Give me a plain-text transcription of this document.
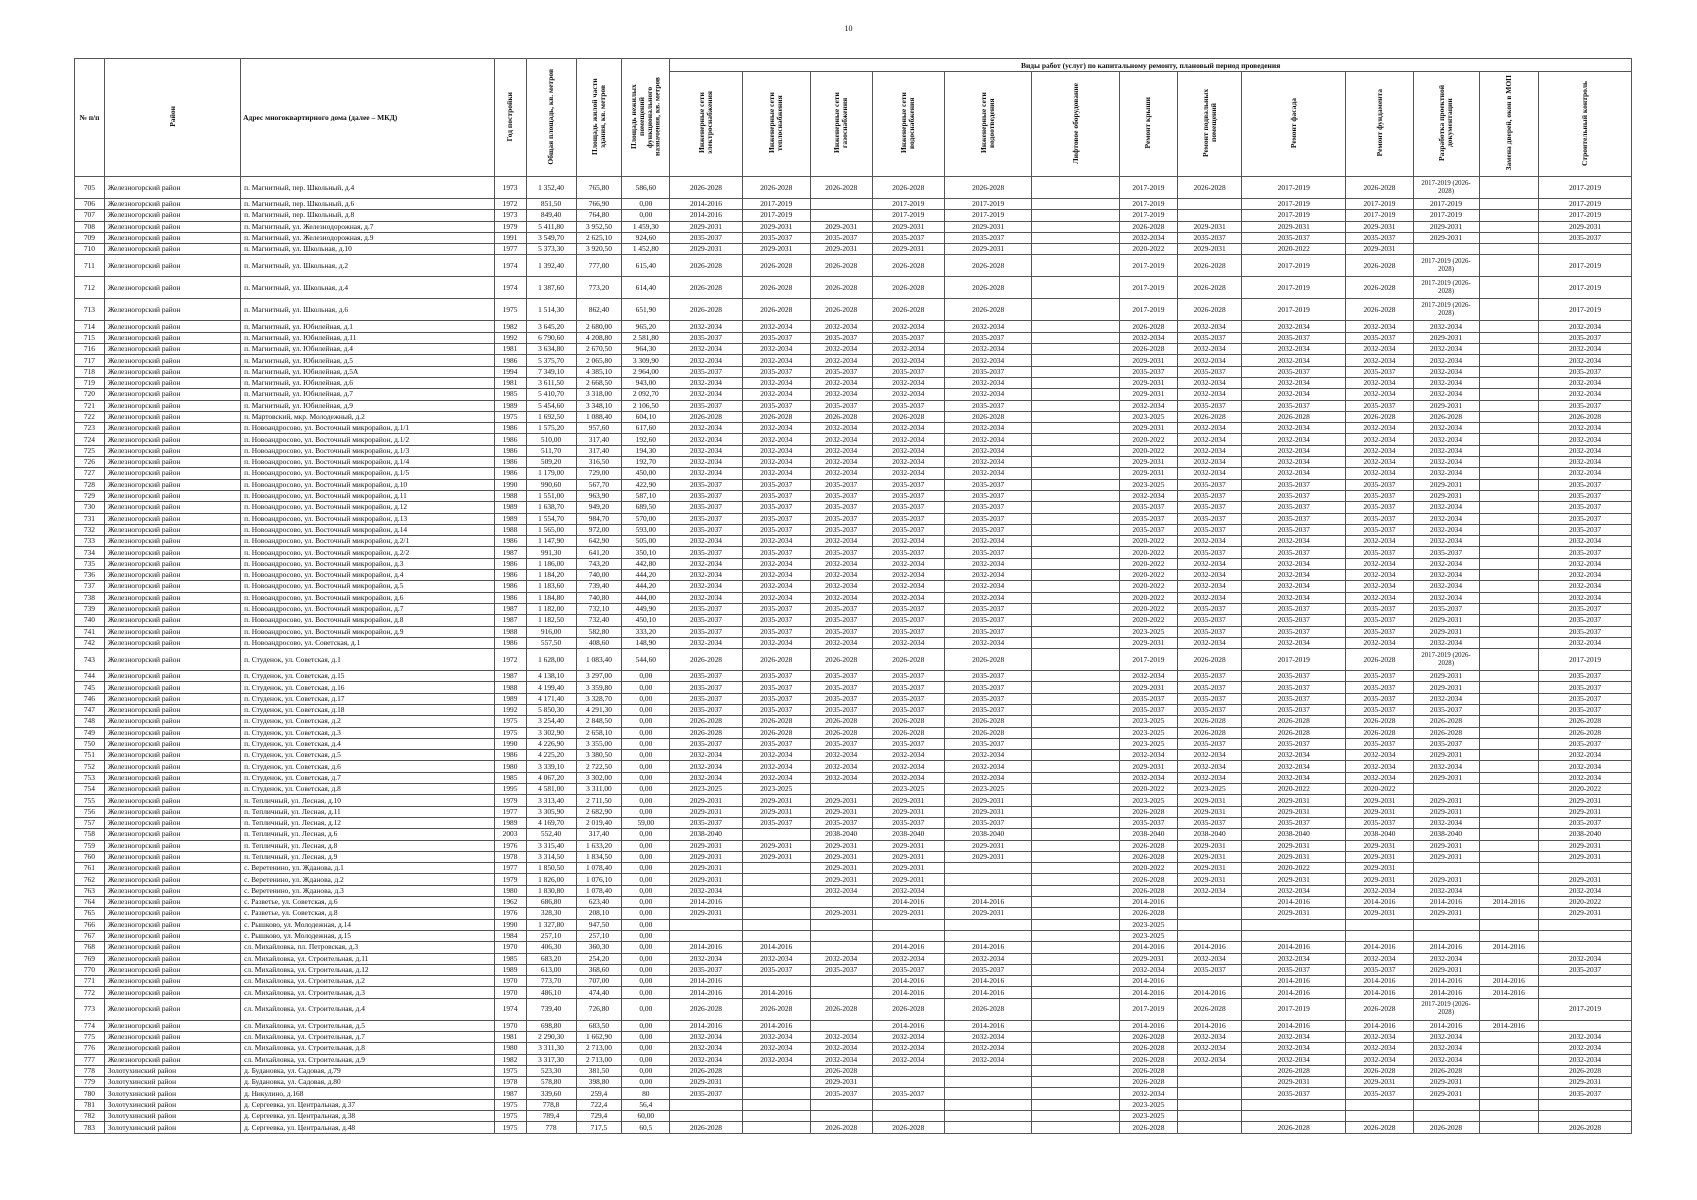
10
№ п/п	Район	Адрес многоквартирного дома (далее – МКД)	Год постройки	Общая площадь, кв. метров	Площадь жилой части здания, кв. метров	Площадь нежилых помещений функционального назначения, кв. метров	Виды работ (услуг) по капитальному ремонту, плановый период проведения												
							Инженерные сети электроснабжения	Инженерные сети теплоснабжения	Инженерные сети газоснабжения	Инженерные сети водоснабжения	Инженерные сети водоотведения	Лифтовое оборудование	Ремонт крыши	Ремонт подвальных помещений	Ремонт фасада	Ремонт фундамента	Разработка проектной документации	Замена дверей, окон в МОП	Строительный контроль
705	Железногорский район	п. Магнитный, пер. Школьный, д.4	1973	1 352,40	765,80	586,60	2026-2028	2026-2028	2026-2028	2026-2028	2026-2028		2017-2019	2026-2028	2017-2019	2026-2028	2017-2019 (2026-2028)		2017-2019
706	Железногорский район	п. Магнитный, пер. Школьный, д.6	1972	851,50	766,90	0,00	2014-2016	2017-2019		2017-2019	2017-2019		2017-2019		2017-2019	2017-2019	2017-2019		2017-2019
707	Железногорский район	п. Магнитный, пер. Школьный, д.8	1973	849,40	764,80	0,00	2014-2016	2017-2019		2017-2019	2017-2019		2017-2019		2017-2019	2017-2019	2017-2019		2017-2019
708	Железногорский район	п. Магнитный, ул. Железнодорожная, д.7	1979	5 411,80	3 952,50	1 459,30	2029-2031	2029-2031	2029-2031	2029-2031	2029-2031		2026-2028	2029-2031	2029-2031	2029-2031	2029-2031		2029-2031
709	Железногорский район	п. Магнитный, ул. Железнодорожная, д.9	1991	3 549,70	2 625,10	924,60	2035-2037	2035-2037	2035-2037	2035-2037	2035-2037		2032-2034	2035-2037	2035-2037	2035-2037	2029-2031		2035-2037
710	Железногорский район	п. Магнитный, ул. Школьная, д.10	1977	5 373,30	3 920,50	1 452,80	2029-2031	2029-2031	2029-2031	2029-2031	2029-2031		2020-2022	2029-2031	2020-2022	2029-2031			
711	Железногорский район	п. Магнитный, ул. Школьная, д.2	1974	1 392,40	777,00	615,40	2026-2028	2026-2028	2026-2028	2026-2028	2026-2028		2017-2019	2026-2028	2017-2019	2026-2028	2017-2019 (2026-2028)		2017-2019
712	Железногорский район	п. Магнитный, ул. Школьная, д.4	1974	1 387,60	773,20	614,40	2026-2028	2026-2028	2026-2028	2026-2028	2026-2028		2017-2019	2026-2028	2017-2019	2026-2028	2017-2019 (2026-2028)		2017-2019
713	Железногорский район	п. Магнитный, ул. Школьная, д.6	1975	1 514,30	862,40	651,90	2026-2028	2026-2028	2026-2028	2026-2028	2026-2028		2017-2019	2026-2028	2017-2019	2026-2028	2017-2019 (2026-2028)		2017-2019
714	Железногорский район	п. Магнитный, ул. Юбилейная, д.1	1982	3 645,20	2 680,00	965,20	2032-2034	2032-2034	2032-2034	2032-2034	2032-2034		2026-2028	2032-2034	2032-2034	2032-2034	2032-2034		2032-2034
715	Железногорский район	п. Магнитный, ул. Юбилейная, д.11	1992	6 790,60	4 208,80	2 581,80	2035-2037	2035-2037	2035-2037	2035-2037	2035-2037		2032-2034	2035-2037	2035-2037	2035-2037	2029-2031		2035-2037
716	Железногорский район	п. Магнитный, ул. Юбилейная, д.4	1981	3 634,80	2 670,50	964,30	2032-2034	2032-2034	2032-2034	2032-2034	2032-2034		2026-2028	2032-2034	2032-2034	2032-2034	2032-2034		2032-2034
717	Железногорский район	п. Магнитный, ул. Юбилейная, д.5	1986	5 375,70	2 065,80	3 309,90	2032-2034	2032-2034	2032-2034	2032-2034	2032-2034		2029-2031	2032-2034	2032-2034	2032-2034	2032-2034		2032-2034
718	Железногорский район	п. Магнитный, ул. Юбилейная, д.5А	1994	7 349,10	4 385,10	2 964,00	2035-2037	2035-2037	2035-2037	2035-2037	2035-2037		2035-2037	2035-2037	2035-2037	2035-2037	2032-2034		2035-2037
719	Железногорский район	п. Магнитный, ул. Юбилейная, д.6	1981	3 611,50	2 668,50	943,00	2032-2034	2032-2034	2032-2034	2032-2034	2032-2034		2029-2031	2032-2034	2032-2034	2032-2034	2032-2034		2032-2034
720	Железногорский район	п. Магнитный, ул. Юбилейная, д.7	1985	5 410,70	3 318,00	2 092,70	2032-2034	2032-2034	2032-2034	2032-2034	2032-2034		2029-2031	2032-2034	2032-2034	2032-2034	2032-2034		2032-2034
721	Железногорский район	п. Магнитный, ул. Юбилейная, д.9	1989	5 454,60	3 348,10	2 106,50	2035-2037	2035-2037	2035-2037	2035-2037	2035-2037		2032-2034	2035-2037	2035-2037	2035-2037	2029-2031		2035-2037
722	Железногорский район	п. Мартовский, мкр. Молодежный, д.2	1975	1 692,50	1 088,40	604,10	2026-2028	2026-2028	2026-2028	2026-2028	2026-2028		2023-2025	2026-2028	2026-2028	2026-2028	2026-2028		2026-2028
723	Железногорский район	п. Новоандросово, ул. Восточный микрорайон, д.1/1	1986	1 575,20	957,60	617,60	2032-2034	2032-2034	2032-2034	2032-2034	2032-2034		2029-2031	2032-2034	2032-2034	2032-2034	2032-2034		2032-2034
724	Железногорский район	п. Новоандросово, ул. Восточный микрорайон, д.1/2	1986	510,00	317,40	192,60	2032-2034	2032-2034	2032-2034	2032-2034	2032-2034		2020-2022	2032-2034	2032-2034	2032-2034	2032-2034		2032-2034
725	Железногорский район	п. Новоандросово, ул. Восточный микрорайон, д.1/3	1986	511,70	317,40	194,30	2032-2034	2032-2034	2032-2034	2032-2034	2032-2034		2020-2022	2032-2034	2032-2034	2032-2034	2032-2034		2032-2034
726	Железногорский район	п. Новоандросово, ул. Восточный микрорайон, д.1/4	1986	509,20	316,50	192,70	2032-2034	2032-2034	2032-2034	2032-2034	2032-2034		2029-2031	2032-2034	2032-2034	2032-2034	2032-2034		2032-2034
727	Железногорский район	п. Новоандросово, ул. Восточный микрорайон, д.1/5	1986	1 179,00	729,00	450,00	2032-2034	2032-2034	2032-2034	2032-2034	2032-2034		2029-2031	2032-2034	2032-2034	2032-2034	2032-2034		2032-2034
728	Железногорский район	п. Новоандросово, ул. Восточный микрорайон, д.10	1990	990,60	567,70	422,90	2035-2037	2035-2037	2035-2037	2035-2037	2035-2037		2023-2025	2035-2037	2035-2037	2035-2037	2029-2031		2035-2037
729	Железногорский район	п. Новоандросово, ул. Восточный микрорайон, д.11	1988	1 551,00	963,90	587,10	2035-2037	2035-2037	2035-2037	2035-2037	2035-2037		2032-2034	2035-2037	2035-2037	2035-2037	2029-2031		2035-2037
730	Железногорский район	п. Новоандросово, ул. Восточный микрорайон, д.12	1989	1 638,70	949,20	689,50	2035-2037	2035-2037	2035-2037	2035-2037	2035-2037		2035-2037	2035-2037	2035-2037	2035-2037	2032-2034		2035-2037
731	Железногорский район	п. Новоандросово, ул. Восточный микрорайон, д.13	1989	1 554,70	984,70	570,00	2035-2037	2035-2037	2035-2037	2035-2037	2035-2037		2035-2037	2035-2037	2035-2037	2035-2037	2032-2034		2035-2037
732	Железногорский район	п. Новоандросово, ул. Восточный микрорайон, д.14	1988	1 565,00	972,00	593,00	2035-2037	2035-2037	2035-2037	2035-2037	2035-2037		2035-2037	2035-2037	2035-2037	2035-2037	2032-2034		2035-2037
733	Железногорский район	п. Новоандросово, ул. Восточный микрорайон, д.2/1	1986	1 147,90	642,90	505,00	2032-2034	2032-2034	2032-2034	2032-2034	2032-2034		2020-2022	2032-2034	2032-2034	2032-2034	2032-2034		2032-2034
734	Железногорский район	п. Новоандросово, ул. Восточный микрорайон, д.2/2	1987	991,30	641,20	350,10	2035-2037	2035-2037	2035-2037	2035-2037	2035-2037		2020-2022	2035-2037	2035-2037	2035-2037	2035-2037		2035-2037
735	Железногорский район	п. Новоандросово, ул. Восточный микрорайон, д.3	1986	1 186,00	743,20	442,80	2032-2034	2032-2034	2032-2034	2032-2034	2032-2034		2020-2022	2032-2034	2032-2034	2032-2034	2032-2034		2032-2034
736	Железногорский район	п. Новоандросово, ул. Восточный микрорайон, д.4	1986	1 184,20	740,00	444,20	2032-2034	2032-2034	2032-2034	2032-2034	2032-2034		2020-2022	2032-2034	2032-2034	2032-2034	2032-2034		2032-2034
737	Железногорский район	п. Новоандросово, ул. Восточный микрорайон, д.5	1986	1 183,60	739,40	444,20	2032-2034	2032-2034	2032-2034	2032-2034	2032-2034		2020-2022	2032-2034	2032-2034	2032-2034	2032-2034		2032-2034
738	Железногорский район	п. Новоандросово, ул. Восточный микрорайон, д.6	1986	1 184,80	740,80	444,00	2032-2034	2032-2034	2032-2034	2032-2034	2032-2034		2020-2022	2032-2034	2032-2034	2032-2034	2032-2034		2032-2034
739	Железногорский район	п. Новоандросово, ул. Восточный микрорайон, д.7	1987	1 182,00	732,10	449,90	2035-2037	2035-2037	2035-2037	2035-2037	2035-2037		2020-2022	2035-2037	2035-2037	2035-2037	2035-2037		2035-2037
740	Железногорский район	п. Новоандросово, ул. Восточный микрорайон, д.8	1987	1 182,50	732,40	450,10	2035-2037	2035-2037	2035-2037	2035-2037	2035-2037		2020-2022	2035-2037	2035-2037	2035-2037	2029-2031		2035-2037
741	Железногорский район	п. Новоандросово, ул. Восточный микрорайон, д.9	1988	916,00	582,80	333,20	2035-2037	2035-2037	2035-2037	2035-2037	2035-2037		2023-2025	2035-2037	2035-2037	2035-2037	2029-2031		2035-2037
742	Железногорский район	п. Новоандросово, ул. Советская, д.1	1986	557,50	408,60	148,90	2032-2034	2032-2034	2032-2034	2032-2034	2032-2034		2029-2031	2032-2034	2032-2034	2032-2034	2032-2034		2032-2034
743	Железногорский район	п. Студенок, ул. Советская, д.1	1972	1 628,00	1 083,40	544,60	2026-2028	2026-2028	2026-2028	2026-2028	2026-2028		2017-2019	2026-2028	2017-2019	2026-2028	2017-2019 (2026-2028)		2017-2019
744	Железногорский район	п. Студенок, ул. Советская, д.15	1987	4 138,10	3 297,00	0,00	2035-2037	2035-2037	2035-2037	2035-2037	2035-2037		2032-2034	2035-2037	2035-2037	2035-2037	2029-2031		2035-2037
745	Железногорский район	п. Студенок, ул. Советская, д.16	1988	4 199,40	3 359,80	0,00	2035-2037	2035-2037	2035-2037	2035-2037	2035-2037		2029-2031	2035-2037	2035-2037	2035-2037	2029-2031		2035-2037
746	Железногорский район	п. Студенок, ул. Советская, д.17	1989	4 171,40	3 328,70	0,00	2035-2037	2035-2037	2035-2037	2035-2037	2035-2037		2035-2037	2035-2037	2035-2037	2035-2037	2032-2034		2035-2037
747	Железногорский район	п. Студенок, ул. Советская, д.18	1992	5 850,30	4 291,30	0,00	2035-2037	2035-2037	2035-2037	2035-2037	2035-2037		2035-2037	2035-2037	2035-2037	2035-2037	2035-2037		2035-2037
748	Железногорский район	п. Студенок, ул. Советская, д.2	1975	3 254,40	2 848,50	0,00	2026-2028	2026-2028	2026-2028	2026-2028	2026-2028		2023-2025	2026-2028	2026-2028	2026-2028	2026-2028		2026-2028
749	Железногорский район	п. Студенок, ул. Советская, д.3	1975	3 302,90	2 658,10	0,00	2026-2028	2026-2028	2026-2028	2026-2028	2026-2028		2023-2025	2026-2028	2026-2028	2026-2028	2026-2028		2026-2028
750	Железногорский район	п. Студенок, ул. Советская, д.4	1990	4 226,90	3 355,00	0,00	2035-2037	2035-2037	2035-2037	2035-2037	2035-2037		2023-2025	2035-2037	2035-2037	2035-2037	2035-2037		2035-2037
751	Железногорский район	п. Студенок, ул. Советская, д.5	1986	4 225,20	3 380,50	0,00	2032-2034	2032-2034	2032-2034	2032-2034	2032-2034		2032-2034	2032-2034	2032-2034	2032-2034	2029-2031		2032-2034
752	Железногорский район	п. Студенок, ул. Советская, д.6	1980	3 339,10	2 722,50	0,00	2032-2034	2032-2034	2032-2034	2032-2034	2032-2034		2029-2031	2032-2034	2032-2034	2032-2034	2032-2034		2032-2034
753	Железногорский район	п. Студенок, ул. Советская, д.7	1985	4 067,20	3 302,00	0,00	2032-2034	2032-2034	2032-2034	2032-2034	2032-2034		2032-2034	2032-2034	2032-2034	2032-2034	2029-2031		2032-2034
754	Железногорский район	п. Студенок, ул. Советская, д.8	1995	4 581,00	3 311,00	0,00	2023-2025	2023-2025		2023-2025	2023-2025		2020-2022	2023-2025	2020-2022	2020-2022			2020-2022
755	Железногорский район	п. Тепличный, ул. Лесная, д.10	1979	3 313,40	2 711,50	0,00	2029-2031	2029-2031	2029-2031	2029-2031	2029-2031		2023-2025	2029-2031	2029-2031	2029-2031	2029-2031		2029-2031
756	Железногорский район	п. Тепличный, ул. Лесная, д.11	1977	3 305,90	2 682,90	0,00	2029-2031	2029-2031	2029-2031	2029-2031	2029-2031		2026-2028	2029-2031	2029-2031	2029-2031	2029-2031		2029-2031
757	Железногорский район	п. Тепличный, ул. Лесная, д.12	1989	4 169,70	2 019,40	59,00	2035-2037	2035-2037	2035-2037	2035-2037	2035-2037		2035-2037	2035-2037	2035-2037	2035-2037	2032-2034		2035-2037
758	Железногорский район	п. Тепличный, ул. Лесная, д.6	2003	552,40	317,40	0,00	2038-2040		2038-2040	2038-2040	2038-2040		2038-2040	2038-2040	2038-2040	2038-2040	2038-2040		2038-2040
759	Железногорский район	п. Тепличный, ул. Лесная, д.8	1976	3 315,40	1 633,20	0,00	2029-2031	2029-2031	2029-2031	2029-2031	2029-2031		2026-2028	2029-2031	2029-2031	2029-2031	2029-2031		2029-2031
760	Железногорский район	п. Тепличный, ул. Лесная, д.9	1978	3 314,50	1 834,50	0,00	2029-2031	2029-2031	2029-2031	2029-2031	2029-2031		2026-2028	2029-2031	2029-2031	2029-2031	2029-2031		2029-2031
761	Железногорский район	с. Веретенино, ул. Жданова, д.1	1977	1 850,50	1 078,40	0,00	2029-2031		2029-2031	2029-2031			2020-2022	2029-2031	2020-2022	2029-2031			
762	Железногорский район	с. Веретенино, ул. Жданова, д.2	1979	1 826,00	1 076,10	0,00	2029-2031		2029-2031	2029-2031			2026-2028	2029-2031	2029-2031	2029-2031	2029-2031		2029-2031
763	Железногорский район	с. Веретенино, ул. Жданова, д.3	1980	1 830,80	1 078,40	0,00	2032-2034		2032-2034	2032-2034			2026-2028	2032-2034	2032-2034	2032-2034	2032-2034		2032-2034
764	Железногорский район	с. Разветье, ул. Советская, д.6	1962	686,80	623,40	0,00	2014-2016			2014-2016	2014-2016		2014-2016		2014-2016	2014-2016	2014-2016	2014-2016	2020-2022
765	Железногорский район	с. Разветье, ул. Советская, д.8	1976	328,30	208,10	0,00	2029-2031		2029-2031	2029-2031	2029-2031		2026-2028		2029-2031	2029-2031	2029-2031		2029-2031
766	Железногорский район	с. Рышково, ул. Молодежная, д.14	1990	1 327,80	947,50	0,00							2023-2025						
767	Железногорский район	с. Рышково, ул. Молодежная, д.15	1984	257,10	257,10	0,00							2023-2025						
768	Железногорский район	сл. Михайловка, пл. Петровская, д.3	1970	406,30	360,30	0,00	2014-2016	2014-2016		2014-2016	2014-2016		2014-2016	2014-2016	2014-2016	2014-2016	2014-2016	2014-2016	
769	Железногорский район	сл. Михайловка, ул. Строительная, д.11	1985	683,20	254,20	0,00	2032-2034	2032-2034	2032-2034	2032-2034	2032-2034		2029-2031	2032-2034	2032-2034	2032-2034	2032-2034		2032-2034
770	Железногорский район	сл. Михайловка, ул. Строительная, д.12	1989	613,00	368,60	0,00	2035-2037	2035-2037	2035-2037	2035-2037	2035-2037		2032-2034	2035-2037	2035-2037	2035-2037	2029-2031		2035-2037
771	Железногорский район	сл. Михайловка, ул. Строительная, д.2	1970	773,70	707,00	0,00	2014-2016			2014-2016	2014-2016		2014-2016		2014-2016	2014-2016	2014-2016	2014-2016	
772	Железногорский район	сл. Михайловка, ул. Строительная, д.3	1970	486,10	474,40	0,00	2014-2016	2014-2016		2014-2016	2014-2016		2014-2016	2014-2016	2014-2016	2014-2016	2014-2016	2014-2016	
773	Железногорский район	сл. Михайловка, ул. Строительная, д.4	1974	739,40	726,80	0,00	2026-2028	2026-2028	2026-2028	2026-2028	2026-2028		2017-2019	2026-2028	2017-2019	2026-2028	2017-2019 (2026-2028)		2017-2019
774	Железногорский район	сл. Михайловка, ул. Строительная, д.5	1970	698,80	683,50	0,00	2014-2016	2014-2016		2014-2016	2014-2016		2014-2016	2014-2016	2014-2016	2014-2016	2014-2016	2014-2016	
775	Железногорский район	сл. Михайловка, ул. Строительная, д.7	1981	2 290,30	1 662,90	0,00	2032-2034	2032-2034	2032-2034	2032-2034	2032-2034		2026-2028	2032-2034	2032-2034	2032-2034	2032-2034		2032-2034
776	Железногорский район	сл. Михайловка, ул. Строительная, д.8	1980	3 311,30	2 713,00	0,00	2032-2034	2032-2034	2032-2034	2032-2034	2032-2034		2026-2028	2032-2034	2032-2034	2032-2034	2032-2034		2032-2034
777	Железногорский район	сл. Михайловка, ул. Строительная, д.9	1982	3 317,30	2 713,00	0,00	2032-2034	2032-2034	2032-2034	2032-2034	2032-2034		2026-2028	2032-2034	2032-2034	2032-2034	2032-2034		2032-2034
778	Золотухинский район	д. Будановка, ул. Садовая, д.79	1975	523,30	381,50	0,00	2026-2028		2026-2028				2026-2028		2026-2028	2026-2028	2026-2028		2026-2028
779	Золотухинский район	д. Будановка, ул. Садовая, д.80	1978	578,80	398,80	0,00	2029-2031		2029-2031				2026-2028		2029-2031	2029-2031	2029-2031		2029-2031
780	Золотухинский район	д. Никулино, д.168	1987	339,60	259,4	80	2035-2037		2035-2037	2035-2037			2032-2034		2035-2037	2035-2037	2029-2031		2035-2037
781	Золотухинский район	д. Сергеевка, ул. Центральная, д.37	1975	778,8	722,4	56,4							2023-2025						
782	Золотухинский район	д. Сергеевка, ул. Центральная, д.38	1975	789,4	729,4	60,00							2023-2025						
783	Золотухинский район	д. Сергеевка, ул. Центральная, д.48	1975	778	717,5	60,5	2026-2028		2026-2028	2026-2028			2026-2028		2026-2028	2026-2028	2026-2028		2026-2028
